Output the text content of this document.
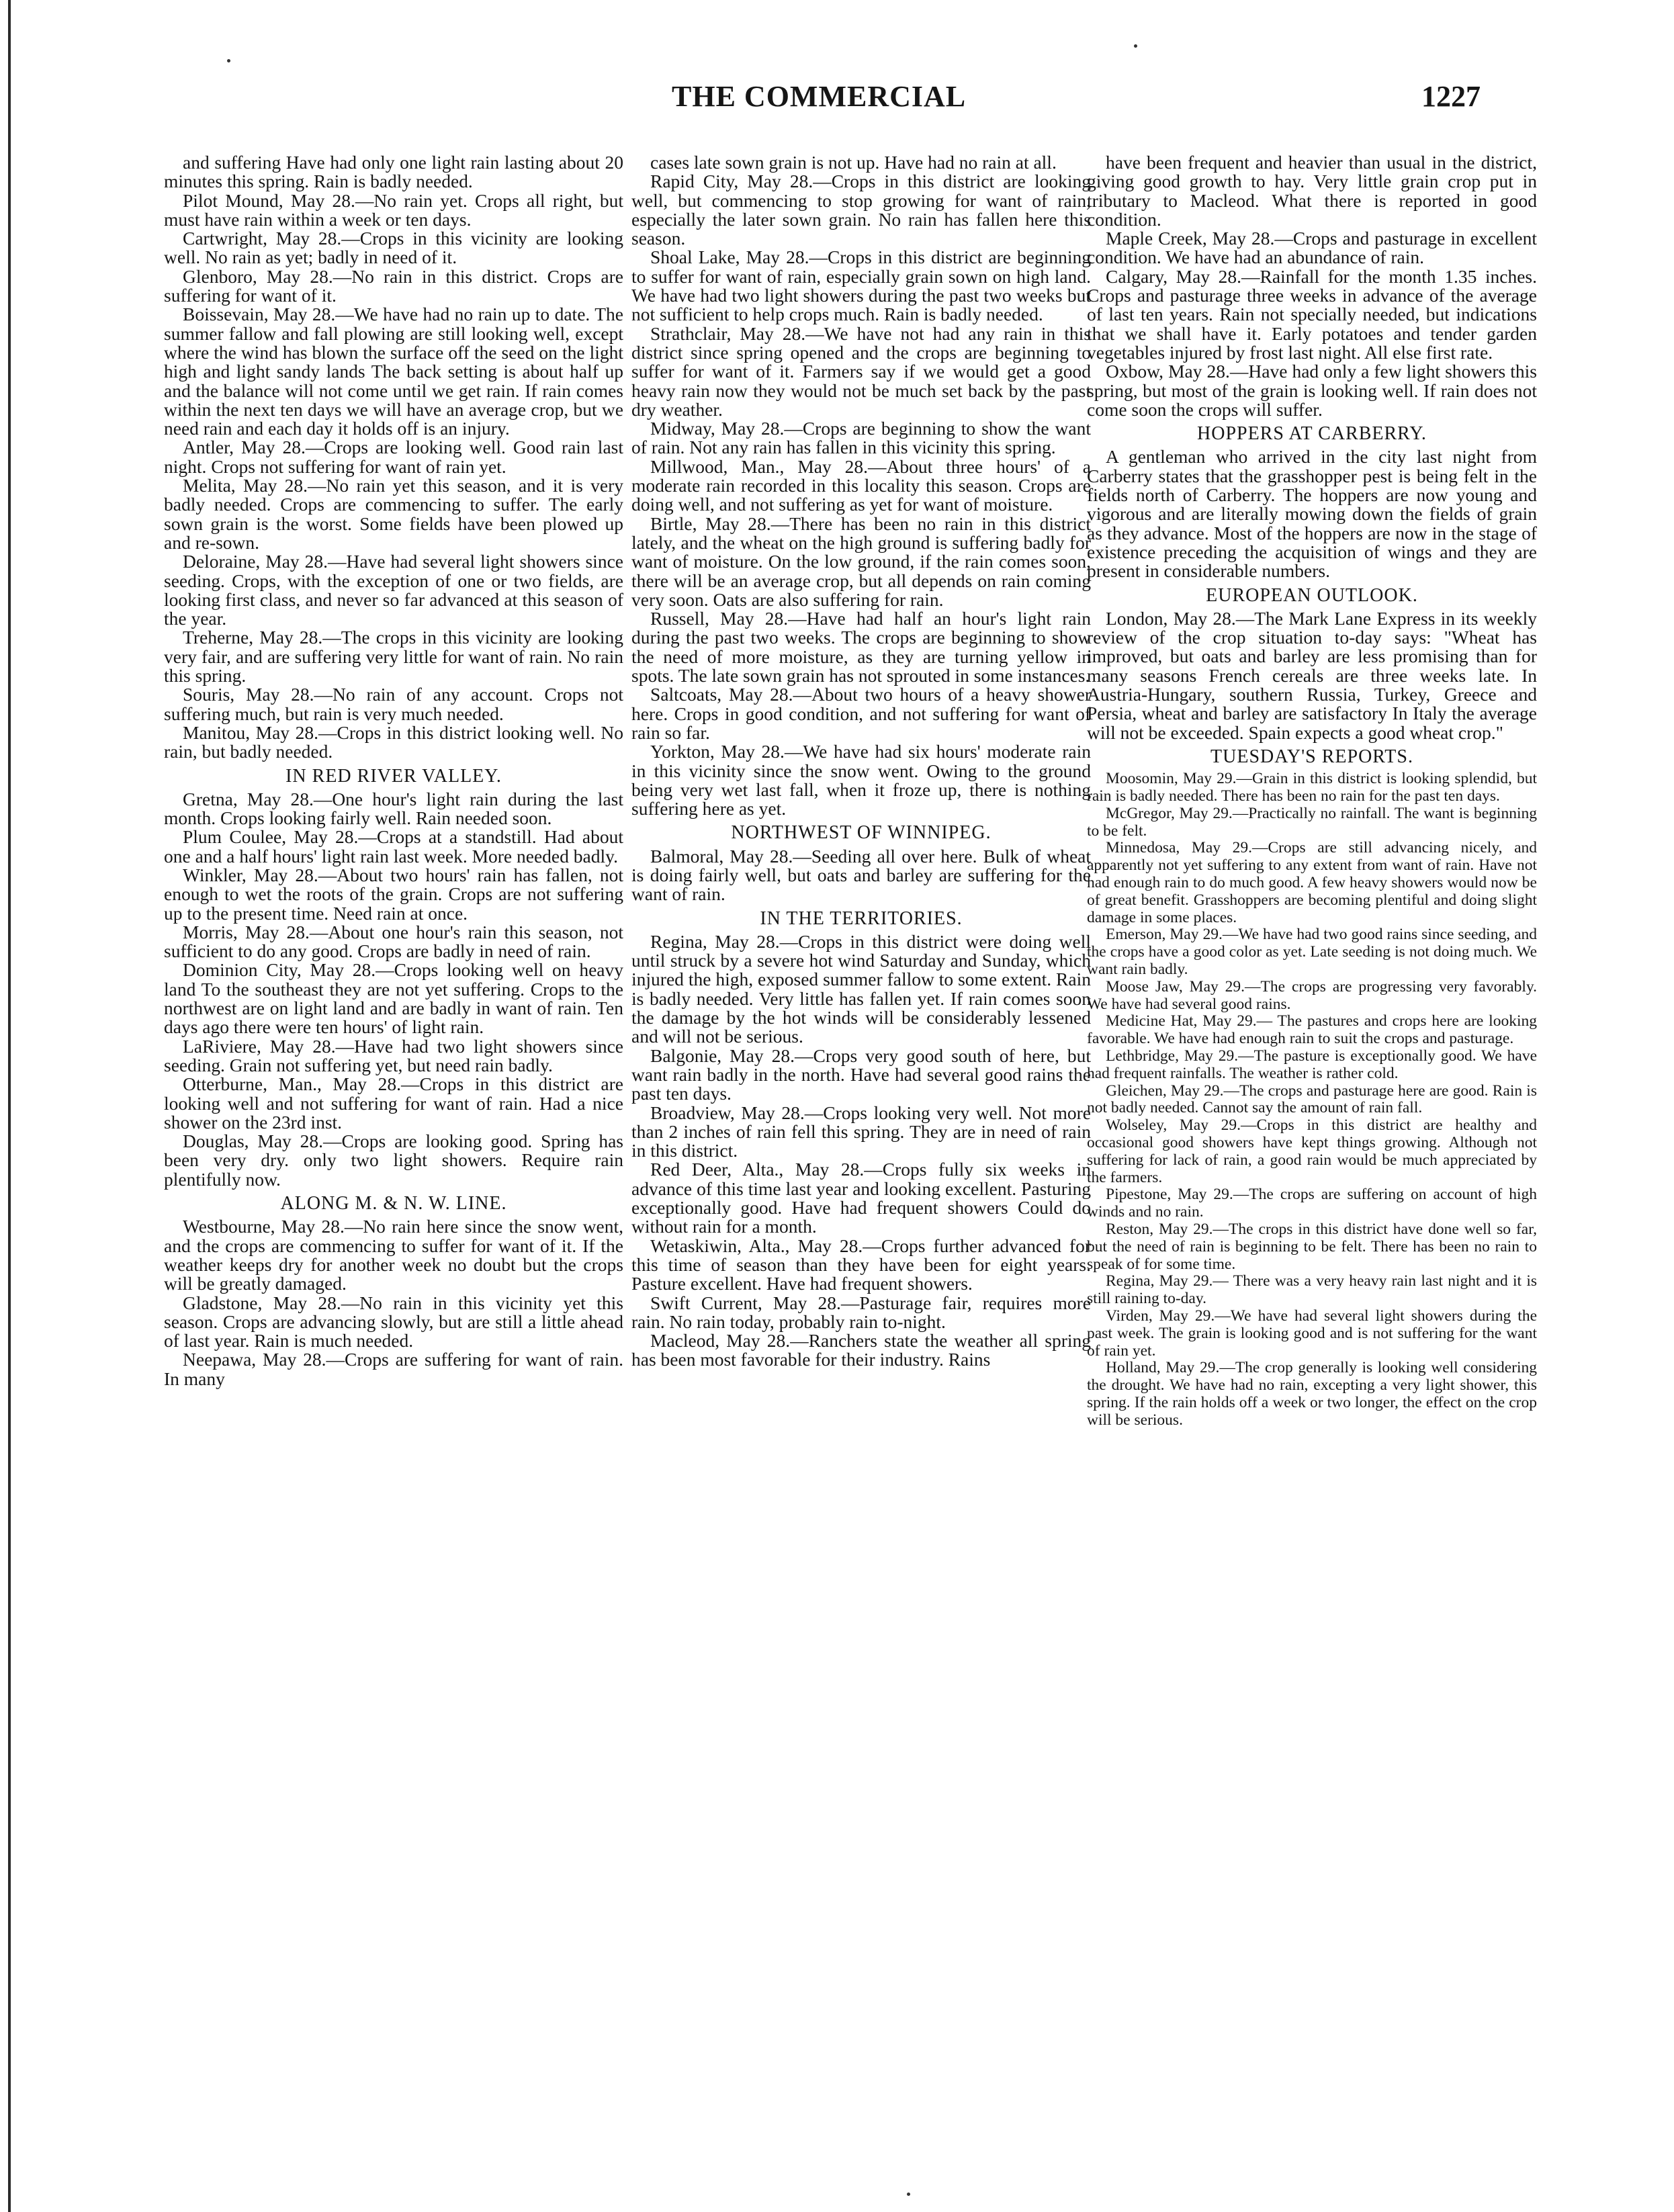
THE COMMERCIAL	1227

and suffering Have had only one light rain lasting about 20 minutes this spring. Rain is badly needed.

Pilot Mound, May 28.—No rain yet. Crops all right, but must have rain within a week or ten days.

Cartwright, May 28.—Crops in this vicinity are looking well. No rain as yet; badly in need of it.

Glenboro, May 28.—No rain in this district. Crops are suffering for want of it.

Boissevain, May 28.—We have had no rain up to date. The summer fallow and fall plowing are still looking well, except where the wind has blown the surface off the seed on the light high and light sandy lands The back setting is about half up and the balance will not come until we get rain. If rain comes within the next ten days we will have an average crop, but we need rain and each day it holds off is an injury.

Antler, May 28.—Crops are looking well. Good rain last night. Crops not suffering for want of rain yet.

Melita, May 28.—No rain yet this season, and it is very badly needed. Crops are commencing to suffer. The early sown grain is the worst. Some fields have been plowed up and re-sown.

Deloraine, May 28.—Have had several light showers since seeding. Crops, with the exception of one or two fields, are looking first class, and never so far advanced at this season of the year.

Treherne, May 28.—The crops in this vicinity are looking very fair, and are suffering very little for want of rain. No rain this spring.

Souris, May 28.—No rain of any account. Crops not suffering much, but rain is very much needed.

Manitou, May 28.—Crops in this district looking well. No rain, but badly needed.

IN RED RIVER VALLEY.

Gretna, May 28.—One hour's light rain during the last month. Crops looking fairly well. Rain needed soon.

Plum Coulee, May 28.—Crops at a standstill. Had about one and a half hours' light rain last week. More needed badly.

Winkler, May 28.—About two hours' rain has fallen, not enough to wet the roots of the grain. Crops are not suffering up to the present time. Need rain at once.

Morris, May 28.—About one hour's rain this season, not sufficient to do any good. Crops are badly in need of rain.

Dominion City, May 28.—Crops looking well on heavy land To the southeast they are not yet suffering. Crops to the northwest are on light land and are badly in want of rain. Ten days ago there were ten hours' of light rain.

LaRiviere, May 28.—Have had two light showers since seeding. Grain not suffering yet, but need rain badly.

Otterburne, Man., May 28.—Crops in this district are looking well and not suffering for want of rain. Had a nice shower on the 23rd inst.

Douglas, May 28.—Crops are looking good. Spring has been very dry. only two light showers. Require rain plentifully now.

ALONG M. & N. W. LINE.

Westbourne, May 28.—No rain here since the snow went, and the crops are commencing to suffer for want of it. If the weather keeps dry for another week no doubt but the crops will be greatly damaged.

Gladstone, May 28.—No rain in this vicinity yet this season. Crops are advancing slowly, but are still a little ahead of last year. Rain is much needed.

Neepawa, May 28.—Crops are suffering for want of rain. In many

cases late sown grain is not up. Have had no rain at all.

Rapid City, May 28.—Crops in this district are looking well, but commencing to stop growing for want of rain, especially the later sown grain. No rain has fallen here this season.

Shoal Lake, May 28.—Crops in this district are beginning to suffer for want of rain, especially grain sown on high land. We have had two light showers during the past two weeks but not sufficient to help crops much. Rain is badly needed.

Strathclair, May 28.—We have not had any rain in this district since spring opened and the crops are beginning to suffer for want of it. Farmers say if we would get a good heavy rain now they would not be much set back by the past dry weather.

Midway, May 28.—Crops are beginning to show the want of rain. Not any rain has fallen in this vicinity this spring.

Millwood, Man., May 28.—About three hours' of a moderate rain recorded in this locality this season. Crops are doing well, and not suffering as yet for want of moisture.

Birtle, May 28.—There has been no rain in this district lately, and the wheat on the high ground is suffering badly for want of moisture. On the low ground, if the rain comes soon, there will be an average crop, but all depends on rain coming very soon. Oats are also suffering for rain.

Russell, May 28.—Have had half an hour's light rain during the past two weeks. The crops are beginning to show the need of more moisture, as they are turning yellow in spots. The late sown grain has not sprouted in some instances.

Saltcoats, May 28.—About two hours of a heavy shower here. Crops in good condition, and not suffering for want of rain so far.

Yorkton, May 28.—We have had six hours' moderate rain in this vicinity since the snow went. Owing to the ground being very wet last fall, when it froze up, there is nothing suffering here as yet.

NORTHWEST OF WINNIPEG.

Balmoral, May 28.—Seeding all over here. Bulk of wheat is doing fairly well, but oats and barley are suffering for the want of rain.

IN THE TERRITORIES.

Regina, May 28.—Crops in this district were doing well until struck by a severe hot wind Saturday and Sunday, which injured the high, exposed summer fallow to some extent. Rain is badly needed. Very little has fallen yet. If rain comes soon the damage by the hot winds will be considerably lessened and will not be serious.

Balgonie, May 28.—Crops very good south of here, but want rain badly in the north. Have had several good rains the past ten days.

Broadview, May 28.—Crops looking very well. Not more than 2 inches of rain fell this spring. They are in need of rain in this district.

Red Deer, Alta., May 28.—Crops fully six weeks in advance of this time last year and looking excellent. Pasturing exceptionally good. Have had frequent showers Could do without rain for a month.

Wetaskiwin, Alta., May 28.—Crops further advanced for this time of season than they have been for eight years. Pasture excellent. Have had frequent showers.

Swift Current, May 28.—Pasturage fair, requires more rain. No rain today, probably rain to-night.

Macleod, May 28.—Ranchers state the weather all spring has been most favorable for their industry. Rains

have been frequent and heavier than usual in the district, giving good growth to hay. Very little grain crop put in tributary to Macleod. What there is reported in good condition.

Maple Creek, May 28.—Crops and pasturage in excellent condition. We have had an abundance of rain.

Calgary, May 28.—Rainfall for the month 1.35 inches. Crops and pasturage three weeks in advance of the average of last ten years. Rain not specially needed, but indications that we shall have it. Early potatoes and tender garden vegetables injured by frost last night. All else first rate.

Oxbow, May 28.—Have had only a few light showers this spring, but most of the grain is looking well. If rain does not come soon the crops will suffer.

HOPPERS AT CARBERRY.

A gentleman who arrived in the city last night from Carberry states that the grasshopper pest is being felt in the fields north of Carberry. The hoppers are now young and vigorous and are literally mowing down the fields of grain as they advance. Most of the hoppers are now in the stage of existence preceding the acquisition of wings and they are present in considerable numbers.

EUROPEAN OUTLOOK.

London, May 28.—The Mark Lane Express in its weekly review of the crop situation to-day says: "Wheat has improved, but oats and barley are less promising than for many seasons French cereals are three weeks late. In Austria-Hungary, southern Russia, Turkey, Greece and Persia, wheat and barley are satisfactory In Italy the average will not be exceeded. Spain expects a good wheat crop."

TUESDAY'S REPORTS.

Moosomin, May 29.—Grain in this district is looking splendid, but rain is badly needed. There has been no rain for the past ten days.

McGregor, May 29.—Practically no rainfall. The want is beginning to be felt.

Minnedosa, May 29.—Crops are still advancing nicely, and apparently not yet suffering to any extent from want of rain. Have not had enough rain to do much good. A few heavy showers would now be of great benefit. Grasshoppers are becoming plentiful and doing slight damage in some places.

Emerson, May 29.—We have had two good rains since seeding, and the crops have a good color as yet. Late seeding is not doing much. We want rain badly.

Moose Jaw, May 29.—The crops are progressing very favorably. We have had several good rains.

Medicine Hat, May 29.— The pastures and crops here are looking favorable. We have had enough rain to suit the crops and pasturage.

Lethbridge, May 29.—The pasture is exceptionally good. We have had frequent rainfalls. The weather is rather cold.

Gleichen, May 29.—The crops and pasturage here are good. Rain is not badly needed. Cannot say the amount of rain fall.

Wolseley, May 29.—Crops in this district are healthy and occasional good showers have kept things growing. Although not suffering for lack of rain, a good rain would be much appreciated by the farmers.

Pipestone, May 29.—The crops are suffering on account of high winds and no rain.

Reston, May 29.—The crops in this district have done well so far, but the need of rain is beginning to be felt. There has been no rain to speak of for some time.

Regina, May 29.— There was a very heavy rain last night and it is still raining to-day.

Virden, May 29.—We have had several light showers during the past week. The grain is looking good and is not suffering for the want of rain yet.

Holland, May 29.—The crop generally is looking well considering the drought. We have had no rain, excepting a very light shower, this spring. If the rain holds off a week or two longer, the effect on the crop will be serious.
